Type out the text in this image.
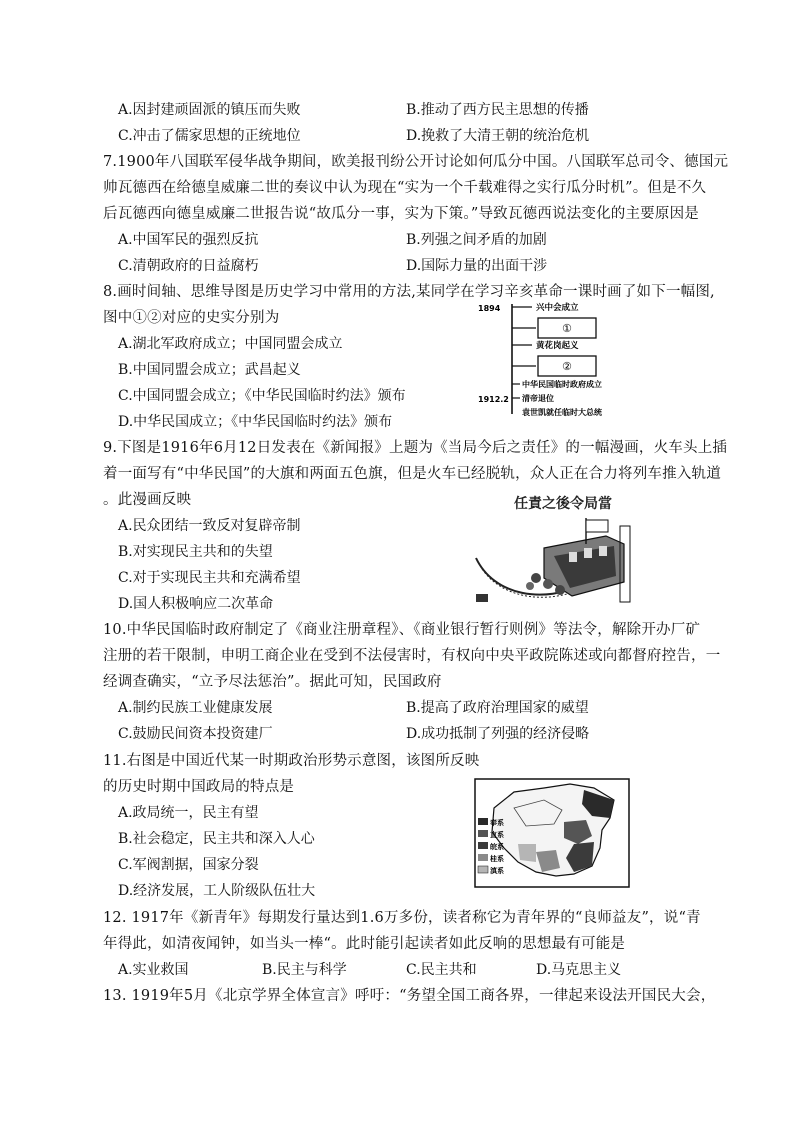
A.因封建顽固派的镇压而失败	B.推动了西方民主思想的传播
C.冲击了儒家思想的正统地位	D.挽救了大清王朝的统治危机
7.1900年八国联军侵华战争期间，欧美报刊纷公开讨论如何瓜分中国。八国联军总司令、德国元
帅瓦德西在给德皇威廉二世的奏议中认为现在“实为一个千载难得之实行瓜分时机”。但是不久
后瓦德西向德皇威廉二世报告说“故瓜分一事，实为下策。”导致瓦德西说法变化的主要原因是
A.中国军民的强烈反抗	B.列强之间矛盾的加剧
C.清朝政府的日益腐朽	D.国际力量的出面干涉
8.画时间轴、思维导图是历史学习中常用的方法,某同学在学习辛亥革命一课时画了如下一幅图,
图中①②对应的史实分别为
A.湖北军政府成立；中国同盟会成立
B.中国同盟会成立；武昌起义
C.中国同盟会成立；《中华民国临时约法》颁布
D.中华民国成立；《中华民国临时约法》颁布
1894
1912.2
兴中会成立
①
黄花岗起义
②
中华民国临时政府成立
清帝退位
袁世凯就任临时大总统
9.下图是1916年6月12日发表在《新闻报》上题为《当局今后之责任》的一幅漫画，火车头上插
着一面写有“中华民国”的大旗和两面五色旗，但是火车已经脱轨，众人正在合力将列车推入轨道
。此漫画反映
A.民众团结一致反对复辟帝制
B.对实现民主共和的失望
C.对于实现民主共和充满希望
D.国人积极响应二次革命
任責之後令局當
10.中华民国临时政府制定了《商业注册章程》、《商业银行暂行则例》等法令，解除开办厂矿
注册的若干限制，申明工商企业在受到不法侵害时，有权向中央平政院陈述或向都督府控告，一
经调查确实，“立予尽法惩治”。据此可知，民国政府
A.制约民族工业健康发展	B.提高了政府治理国家的威望
C.鼓励民间资本投资建厂	D.成功抵制了列强的经济侵略
11.右图是中国近代某一时期政治形势示意图，该图所反映
的历史时期中国政局的特点是
A.政局统一，民主有望
B.社会稳定，民主共和深入人心
C.军阀割据，国家分裂
D.经济发展，工人阶级队伍壮大
奉系
直系
皖系
桂系
滇系
12. 1917年《新青年》每期发行量达到1.6万多份，读者称它为青年界的“良师益友”，说“青
年得此，如清夜闻钟，如当头一棒“。此时能引起读者如此反响的思想最有可能是
A.实业救国	B.民主与科学	C.民主共和	D.马克思主义
13. 1919年5月《北京学界全体宣言》呼吁：“务望全国工商各界，一律起来设法开国民大会，
